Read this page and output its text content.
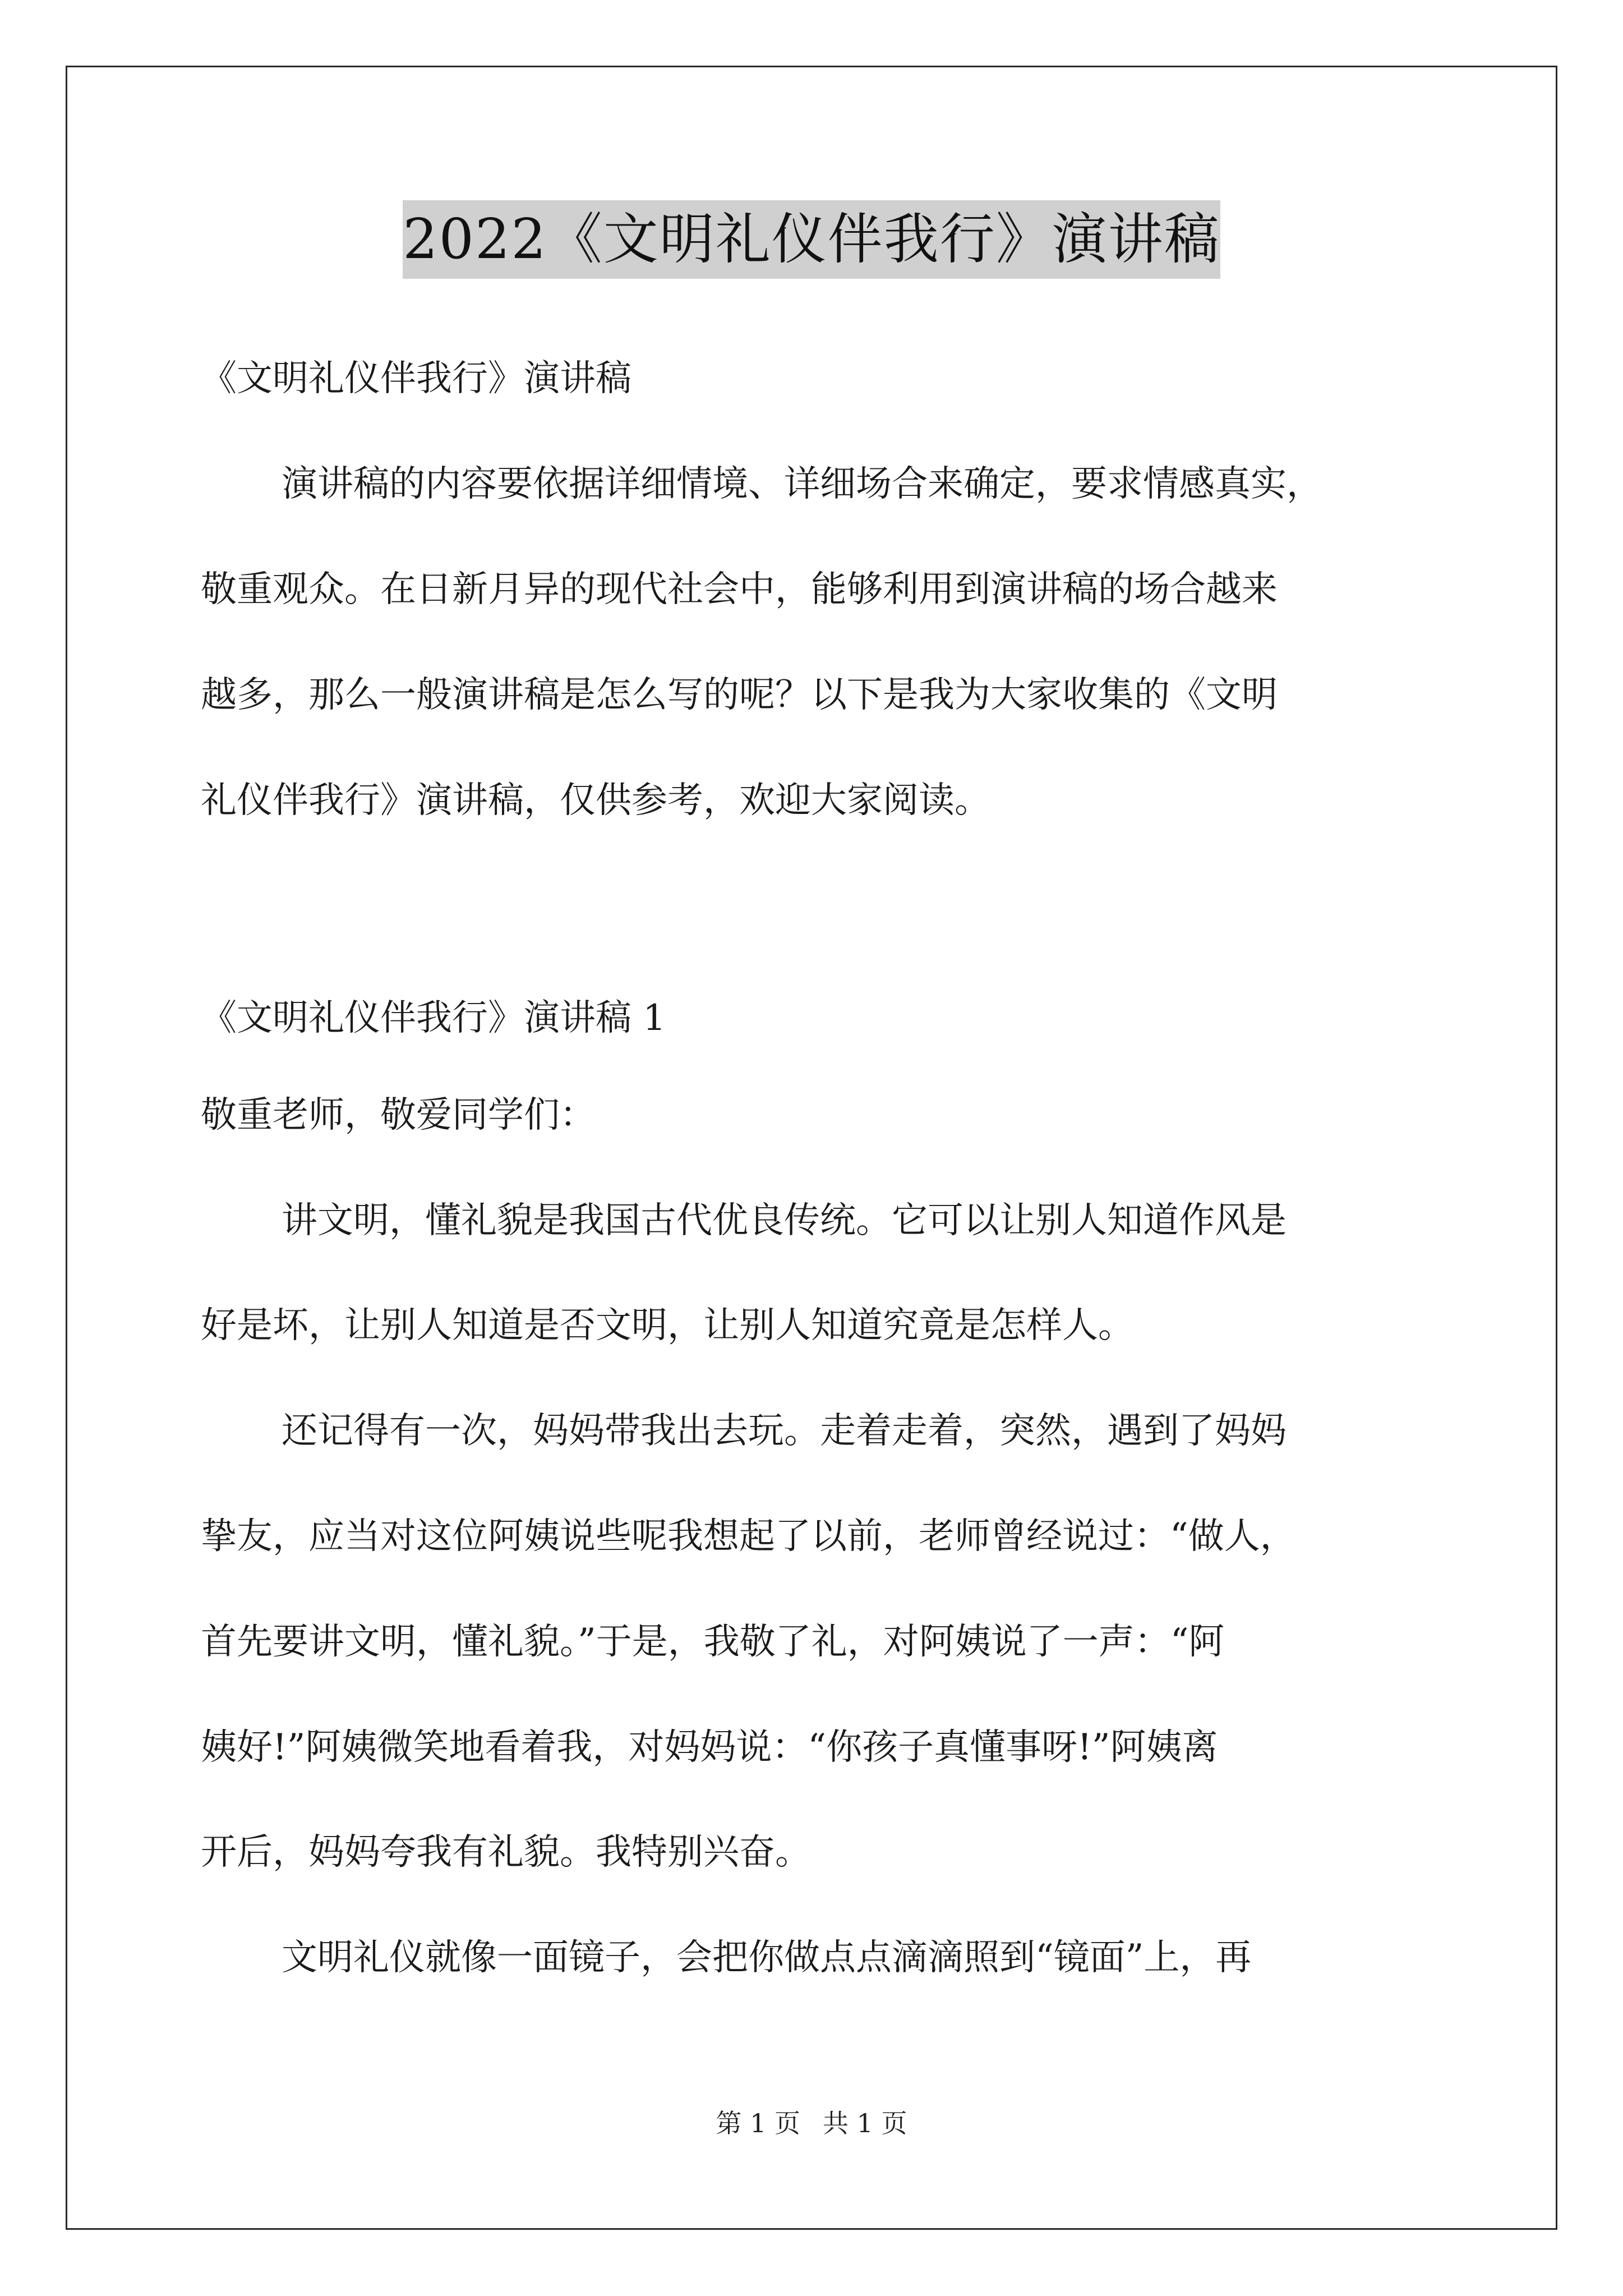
2022《文明礼仪伴我行》演讲稿

《文明礼仪伴我行》演讲稿

演讲稿的内容要依据详细情境、详细场合来确定，要求情感真实，

敬重观众。在日新月异的现代社会中，能够利用到演讲稿的场合越来

越多，那么一般演讲稿是怎么写的呢？以下是我为大家收集的《文明

礼仪伴我行》演讲稿，仅供参考，欢迎大家阅读。

《文明礼仪伴我行》演讲稿 1

敬重老师，敬爱同学们：

讲文明，懂礼貌是我国古代优良传统。它可以让别人知道作风是

好是坏，让别人知道是否文明，让别人知道究竟是怎样人。

还记得有一次，妈妈带我出去玩。走着走着，突然，遇到了妈妈

挚友，应当对这位阿姨说些呢我想起了以前，老师曾经说过：“做人，

首先要讲文明，懂礼貌。”于是，我敬了礼，对阿姨说了一声：“阿

姨好!”阿姨微笑地看着我，对妈妈说：“你孩子真懂事呀!”阿姨离

开后，妈妈夸我有礼貌。我特别兴奋。

文明礼仪就像一面镜子，会把你做点点滴滴照到“镜面”上，再

第 1 页 共 1 页
